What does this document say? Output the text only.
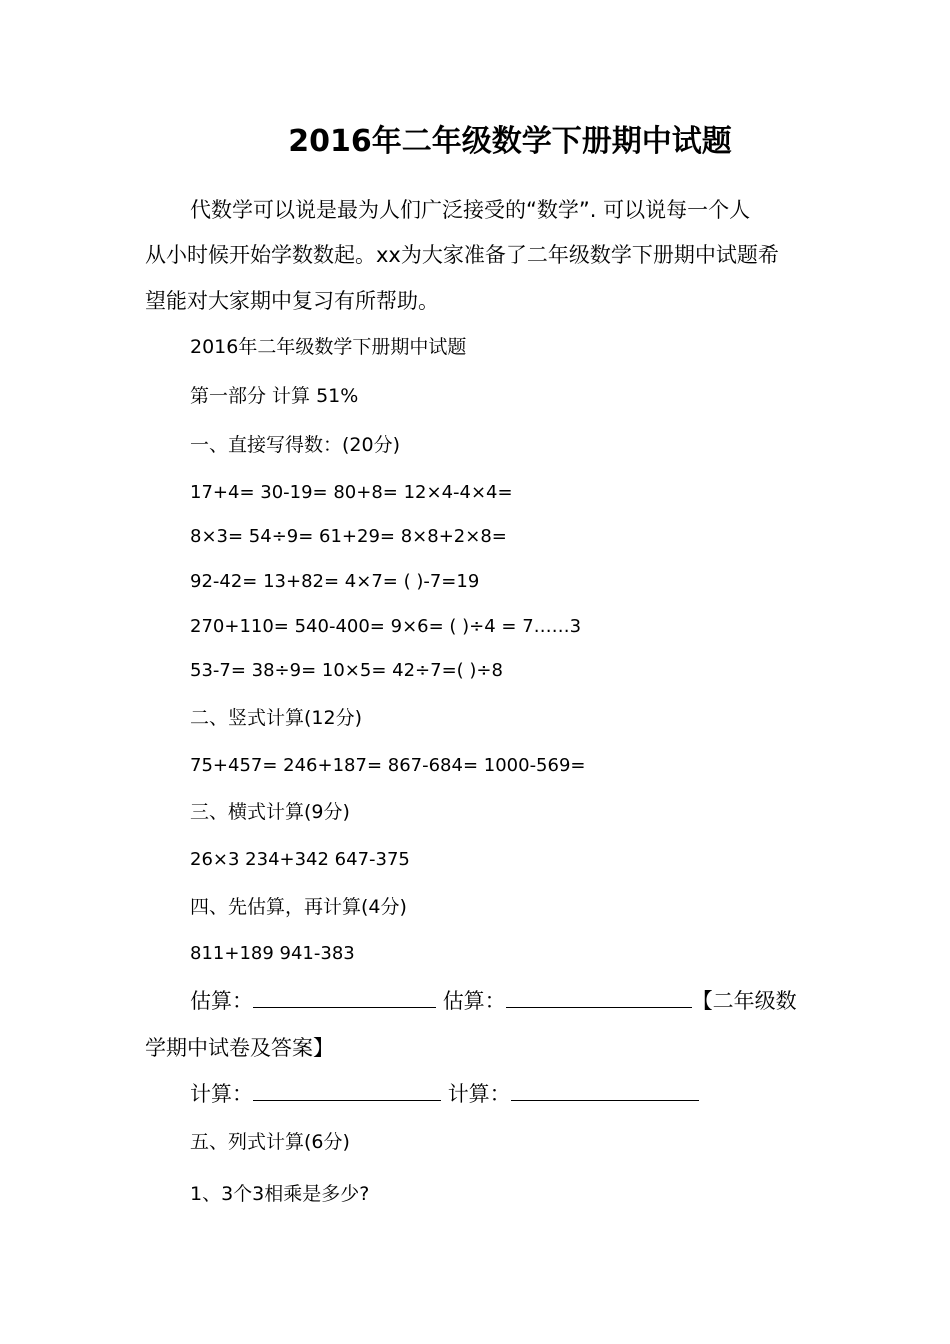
2016年二年级数学下册期中试题
代数学可以说是最为人们广泛接受的“数学”. 可以说每一个人
从小时候开始学数数起。xx为大家准备了二年级数学下册期中试题希
望能对大家期中复习有所帮助。
2016年二年级数学下册期中试题
第一部分 计算 51%
一、直接写得数：(20分)
17+4= 30-19= 80+8= 12×4-4×4=
8×3= 54÷9= 61+29= 8×8+2×8=
92-42= 13+82= 4×7= ( )-7=19
270+110= 540-400= 9×6= ( )÷4 = 7……3
53-7= 38÷9= 10×5= 42÷7=( )÷8
二、竖式计算(12分)
75+457= 246+187= 867-684= 1000-569=
三、横式计算(9分)
26×3 234+342 647-375
四、先估算，再计算(4分)
811+189 941-383
估算：	估算：	【二年级数
学期中试卷及答案】
计算：	计算：
五、列式计算(6分)
1、3个3相乘是多少?
